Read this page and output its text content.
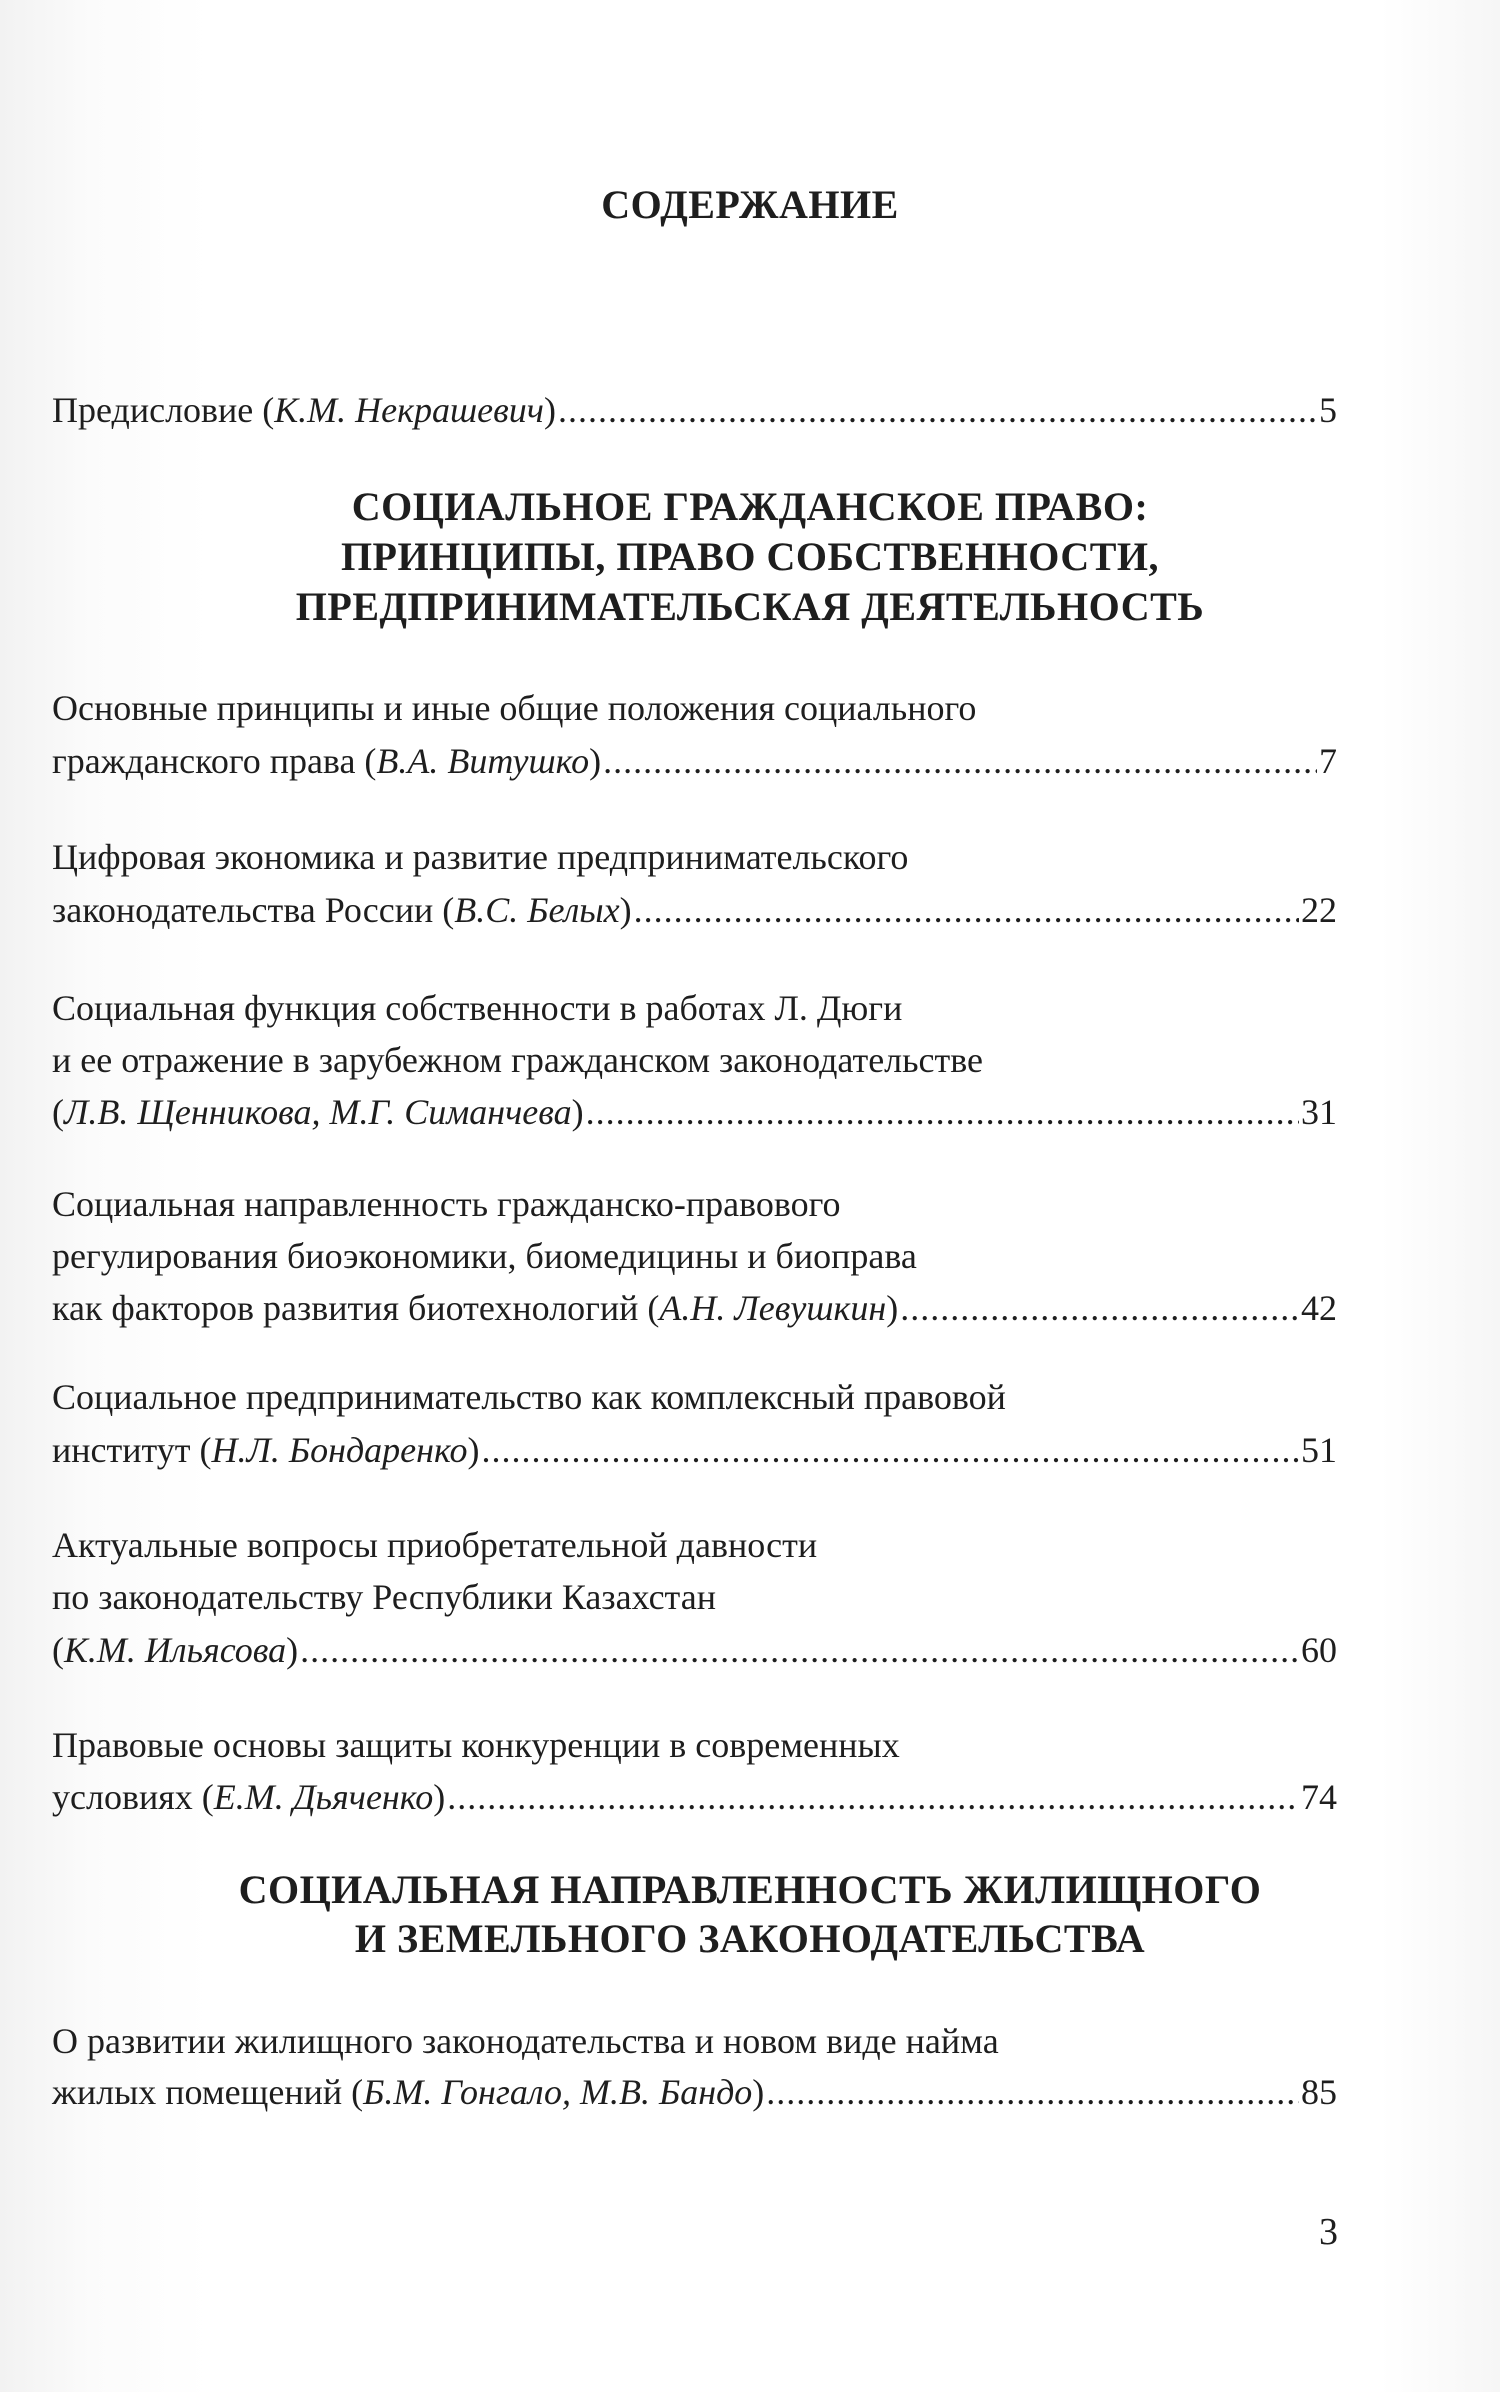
СОДЕРЖАНИЕ
Предисловие (К.М. Некрашевич) .....	5
СОЦИАЛЬНОЕ ГРАЖДАНСКОЕ ПРАВО:
ПРИНЦИПЫ, ПРАВО СОБСТВЕННОСТИ,
ПРЕДПРИНИМАТЕЛЬСКАЯ ДЕЯТЕЛЬНОСТЬ
Основные принципы и иные общие положения социального
гражданского права (В.А. Витушко) .....	7
Цифровая экономика и развитие предпринимательского
законодательства России (В.С. Белых) .....	22
Социальная функция собственности в работах Л. Дюги
и ее отражение в зарубежном гражданском законодательстве
(Л.В. Щенникова, М.Г. Симанчева) .....	31
Социальная направленность гражданско-правового
регулирования биоэкономики, биомедицины и биоправа
как факторов развития биотехнологий (А.Н. Левушкин) .....	42
Социальное предпринимательство как комплексный правовой
институт (Н.Л. Бондаренко) .....	51
Актуальные вопросы приобретательной давности
по законодательству Республики Казахстан
(К.М. Ильясова) .....	60
Правовые основы защиты конкуренции в современных
условиях (Е.М. Дьяченко) .....	74
СОЦИАЛЬНАЯ НАПРАВЛЕННОСТЬ ЖИЛИЩНОГО
И ЗЕМЕЛЬНОГО ЗАКОНОДАТЕЛЬСТВА
О развитии жилищного законодательства и новом виде найма
жилых помещений (Б.М. Гонгало, М.В. Бандо) .....	85
3
